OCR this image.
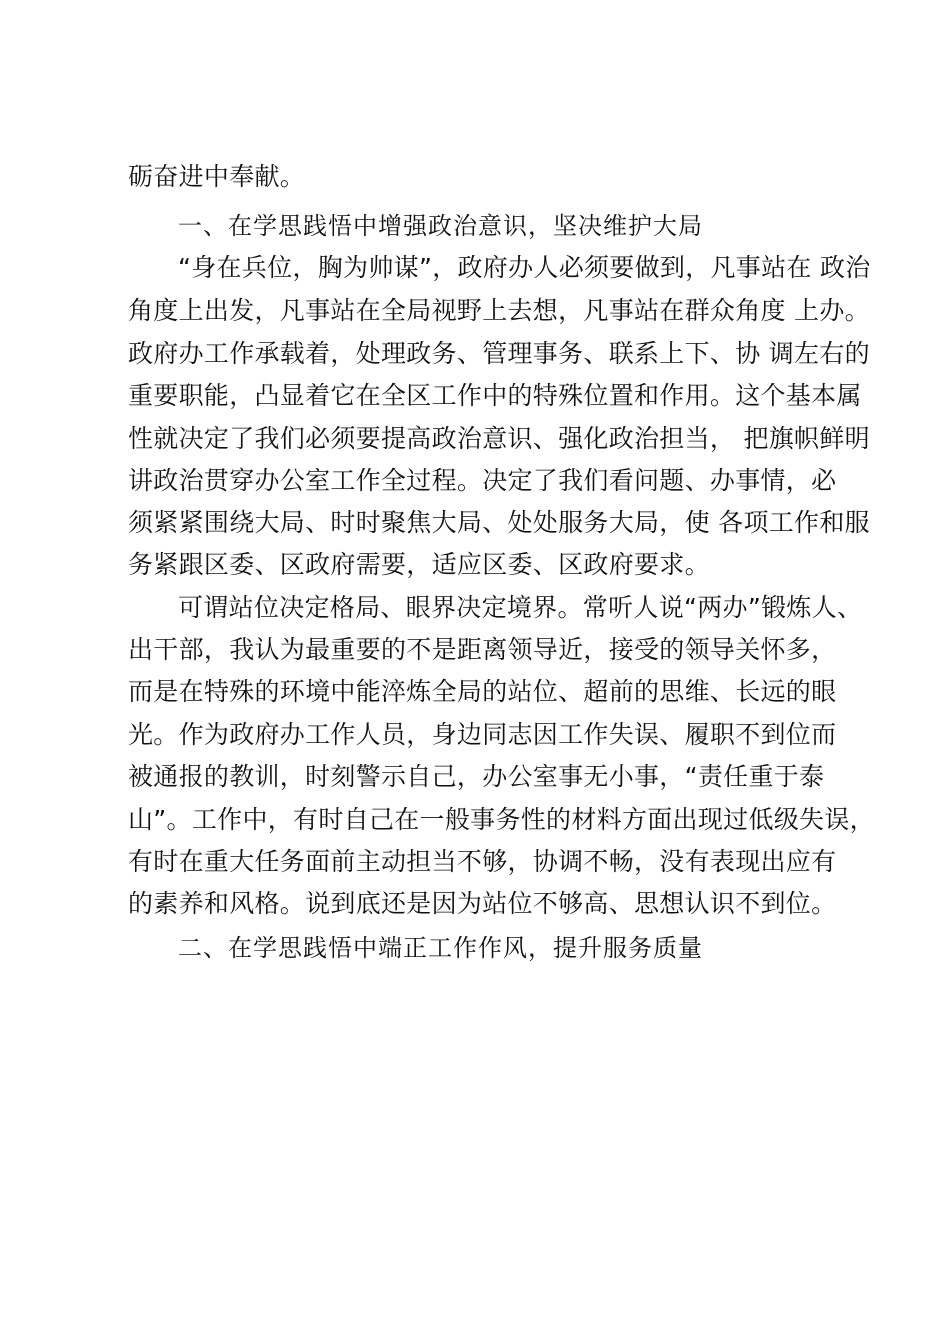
砺奋进中奉献。
一、在学思践悟中增强政治意识，坚决维护大局
“身在兵位，胸为帅谋”，政府办人必须要做到，凡事站在 政治
角度上出发，凡事站在全局视野上去想，凡事站在群众角度 上办。
政府办工作承载着，处理政务、管理事务、联系上下、协 调左右的
重要职能，凸显着它在全区工作中的特殊位置和作用。这个基本属
性就决定了我们必须要提高政治意识、强化政治担当， 把旗帜鲜明
讲政治贯穿办公室工作全过程。决定了我们看问题、办事情，必
须紧紧围绕大局、时时聚焦大局、处处服务大局，使 各项工作和服
务紧跟区委、区政府需要，适应区委、区政府要求。
可谓站位决定格局、眼界决定境界。常听人说“两办”锻炼人、
出干部，我认为最重要的不是距离领导近，接受的领导关怀多，
而是在特殊的环境中能淬炼全局的站位、超前的思维、长远的眼
光。作为政府办工作人员，身边同志因工作失误、履职不到位而
被通报的教训，时刻警示自己，办公室事无小事，“责任重于泰
山”。工作中，有时自己在一般事务性的材料方面出现过低级失误，
有时在重大任务面前主动担当不够，协调不畅，没有表现出应有
的素养和风格。说到底还是因为站位不够高、思想认识不到位。
二、在学思践悟中端正工作作风，提升服务质量
